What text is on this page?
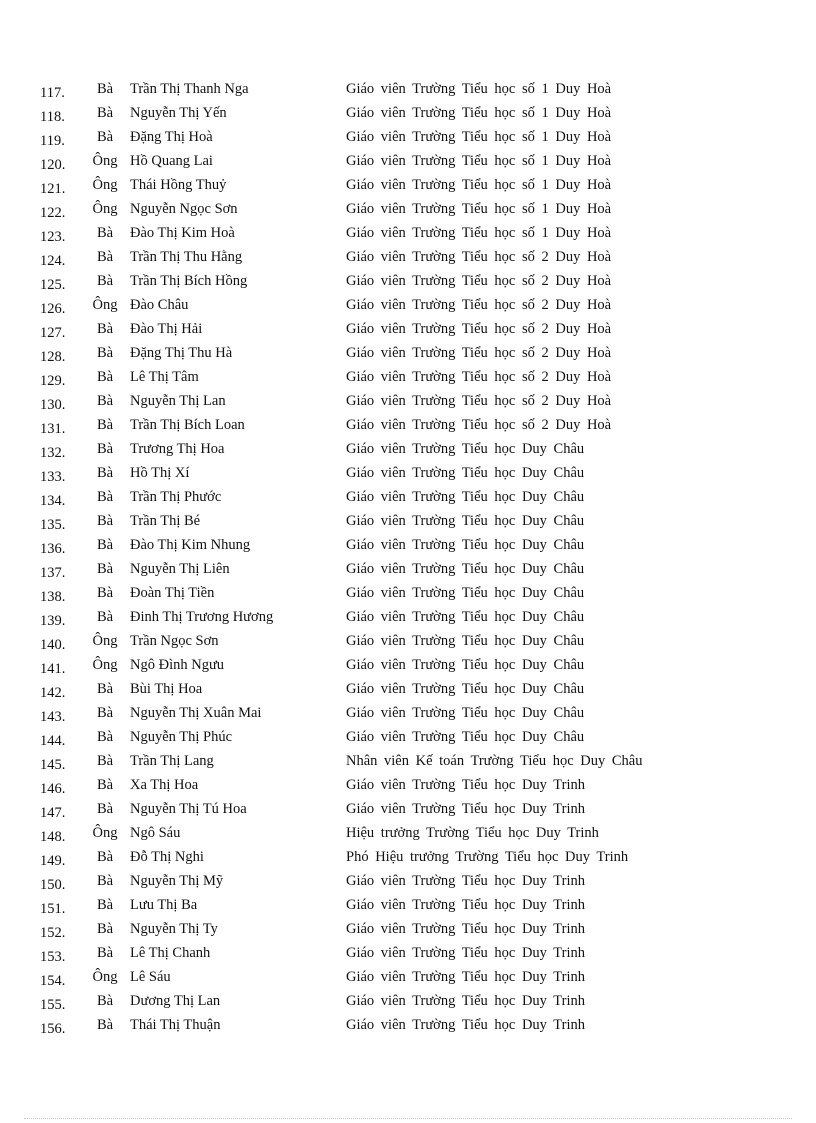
117.	Bà	Trần Thị Thanh Nga	Giáo viên Trường Tiểu học số 1 Duy Hoà
118.	Bà	Nguyễn Thị Yến	Giáo viên Trường Tiểu học số 1 Duy Hoà
119.	Bà	Đặng Thị Hoà	Giáo viên Trường Tiểu học số 1 Duy Hoà
120.	Ông Hồ Quang Lai	Giáo viên Trường Tiểu học số 1 Duy Hoà
121.	Ông Thái Hồng Thuỷ	Giáo viên Trường Tiểu học số 1 Duy Hoà
122.	Ông Nguyễn Ngọc Sơn	Giáo viên Trường Tiểu học số 1 Duy Hoà
123.	Bà	Đào Thị Kim Hoà	Giáo viên Trường Tiểu học số 1 Duy Hoà
124.	Bà	Trần Thị Thu Hằng	Giáo viên Trường Tiểu học số 2 Duy Hoà
125.	Bà	Trần Thị Bích Hồng	Giáo viên Trường Tiểu học số 2 Duy Hoà
126.	Ông Đào Châu	Giáo viên Trường Tiểu học số 2 Duy Hoà
127.	Bà	Đào Thị Hải	Giáo viên Trường Tiểu học số 2 Duy Hoà
128.	Bà	Đặng Thị Thu Hà	Giáo viên Trường Tiểu học số 2 Duy Hoà
129.	Bà	Lê Thị Tâm	Giáo viên Trường Tiểu học số 2 Duy Hoà
130.	Bà	Nguyễn Thị Lan	Giáo viên Trường Tiểu học số 2 Duy Hoà
131.	Bà	Trần Thị Bích Loan	Giáo viên Trường Tiểu học số 2 Duy Hoà
132.	Bà	Trương Thị Hoa	Giáo viên Trường Tiểu học Duy Châu
133.	Bà	Hồ Thị Xí	Giáo viên Trường Tiểu học Duy Châu
134.	Bà	Trần Thị Phước	Giáo viên Trường Tiểu học Duy Châu
135.	Bà	Trần Thị Bé	Giáo viên Trường Tiểu học Duy Châu
136.	Bà	Đào Thị Kim Nhung	Giáo viên Trường Tiểu học Duy Châu
137.	Bà	Nguyễn Thị Liên	Giáo viên Trường Tiểu học Duy Châu
138.	Bà	Đoàn Thị Tiền	Giáo viên Trường Tiểu học Duy Châu
139.	Bà	Đinh Thị Trương Hương	Giáo viên Trường Tiểu học Duy Châu
140.	Ông Trần Ngọc Sơn	Giáo viên Trường Tiểu học Duy Châu
141.	Ông Ngô Đình Ngưu	Giáo viên Trường Tiểu học Duy Châu
142.	Bà	Bùi Thị Hoa	Giáo viên Trường Tiểu học Duy Châu
143.	Bà	Nguyễn Thị Xuân Mai	Giáo viên Trường Tiểu học Duy Châu
144.	Bà	Nguyễn Thị Phúc	Giáo viên Trường Tiểu học Duy Châu
145.	Bà	Trần Thị Lang	Nhân viên Kế toán Trường Tiểu học Duy Châu
146.	Bà	Xa Thị Hoa	Giáo viên Trường Tiểu học Duy Trinh
147.	Bà	Nguyễn Thị Tú Hoa	Giáo viên Trường Tiểu học Duy Trinh
148.	Ông Ngô Sáu	Hiệu trưởng Trường Tiểu học Duy Trinh
149.	Bà	Đỗ Thị Nghi	Phó Hiệu trưởng Trường Tiểu học Duy Trinh
150.	Bà	Nguyễn Thị Mỹ	Giáo viên Trường Tiểu học Duy Trinh
151.	Bà	Lưu Thị Ba	Giáo viên Trường Tiểu học Duy Trinh
152.	Bà	Nguyễn Thị Ty	Giáo viên Trường Tiểu học Duy Trinh
153.	Bà	Lê Thị Chanh	Giáo viên Trường Tiểu học Duy Trinh
154.	Ông Lê Sáu	Giáo viên Trường Tiểu học Duy Trinh
155.	Bà	Dương Thị Lan	Giáo viên Trường Tiểu học Duy Trinh
156.	Bà	Thái Thị Thuận	Giáo viên Trường Tiểu học Duy Trinh
